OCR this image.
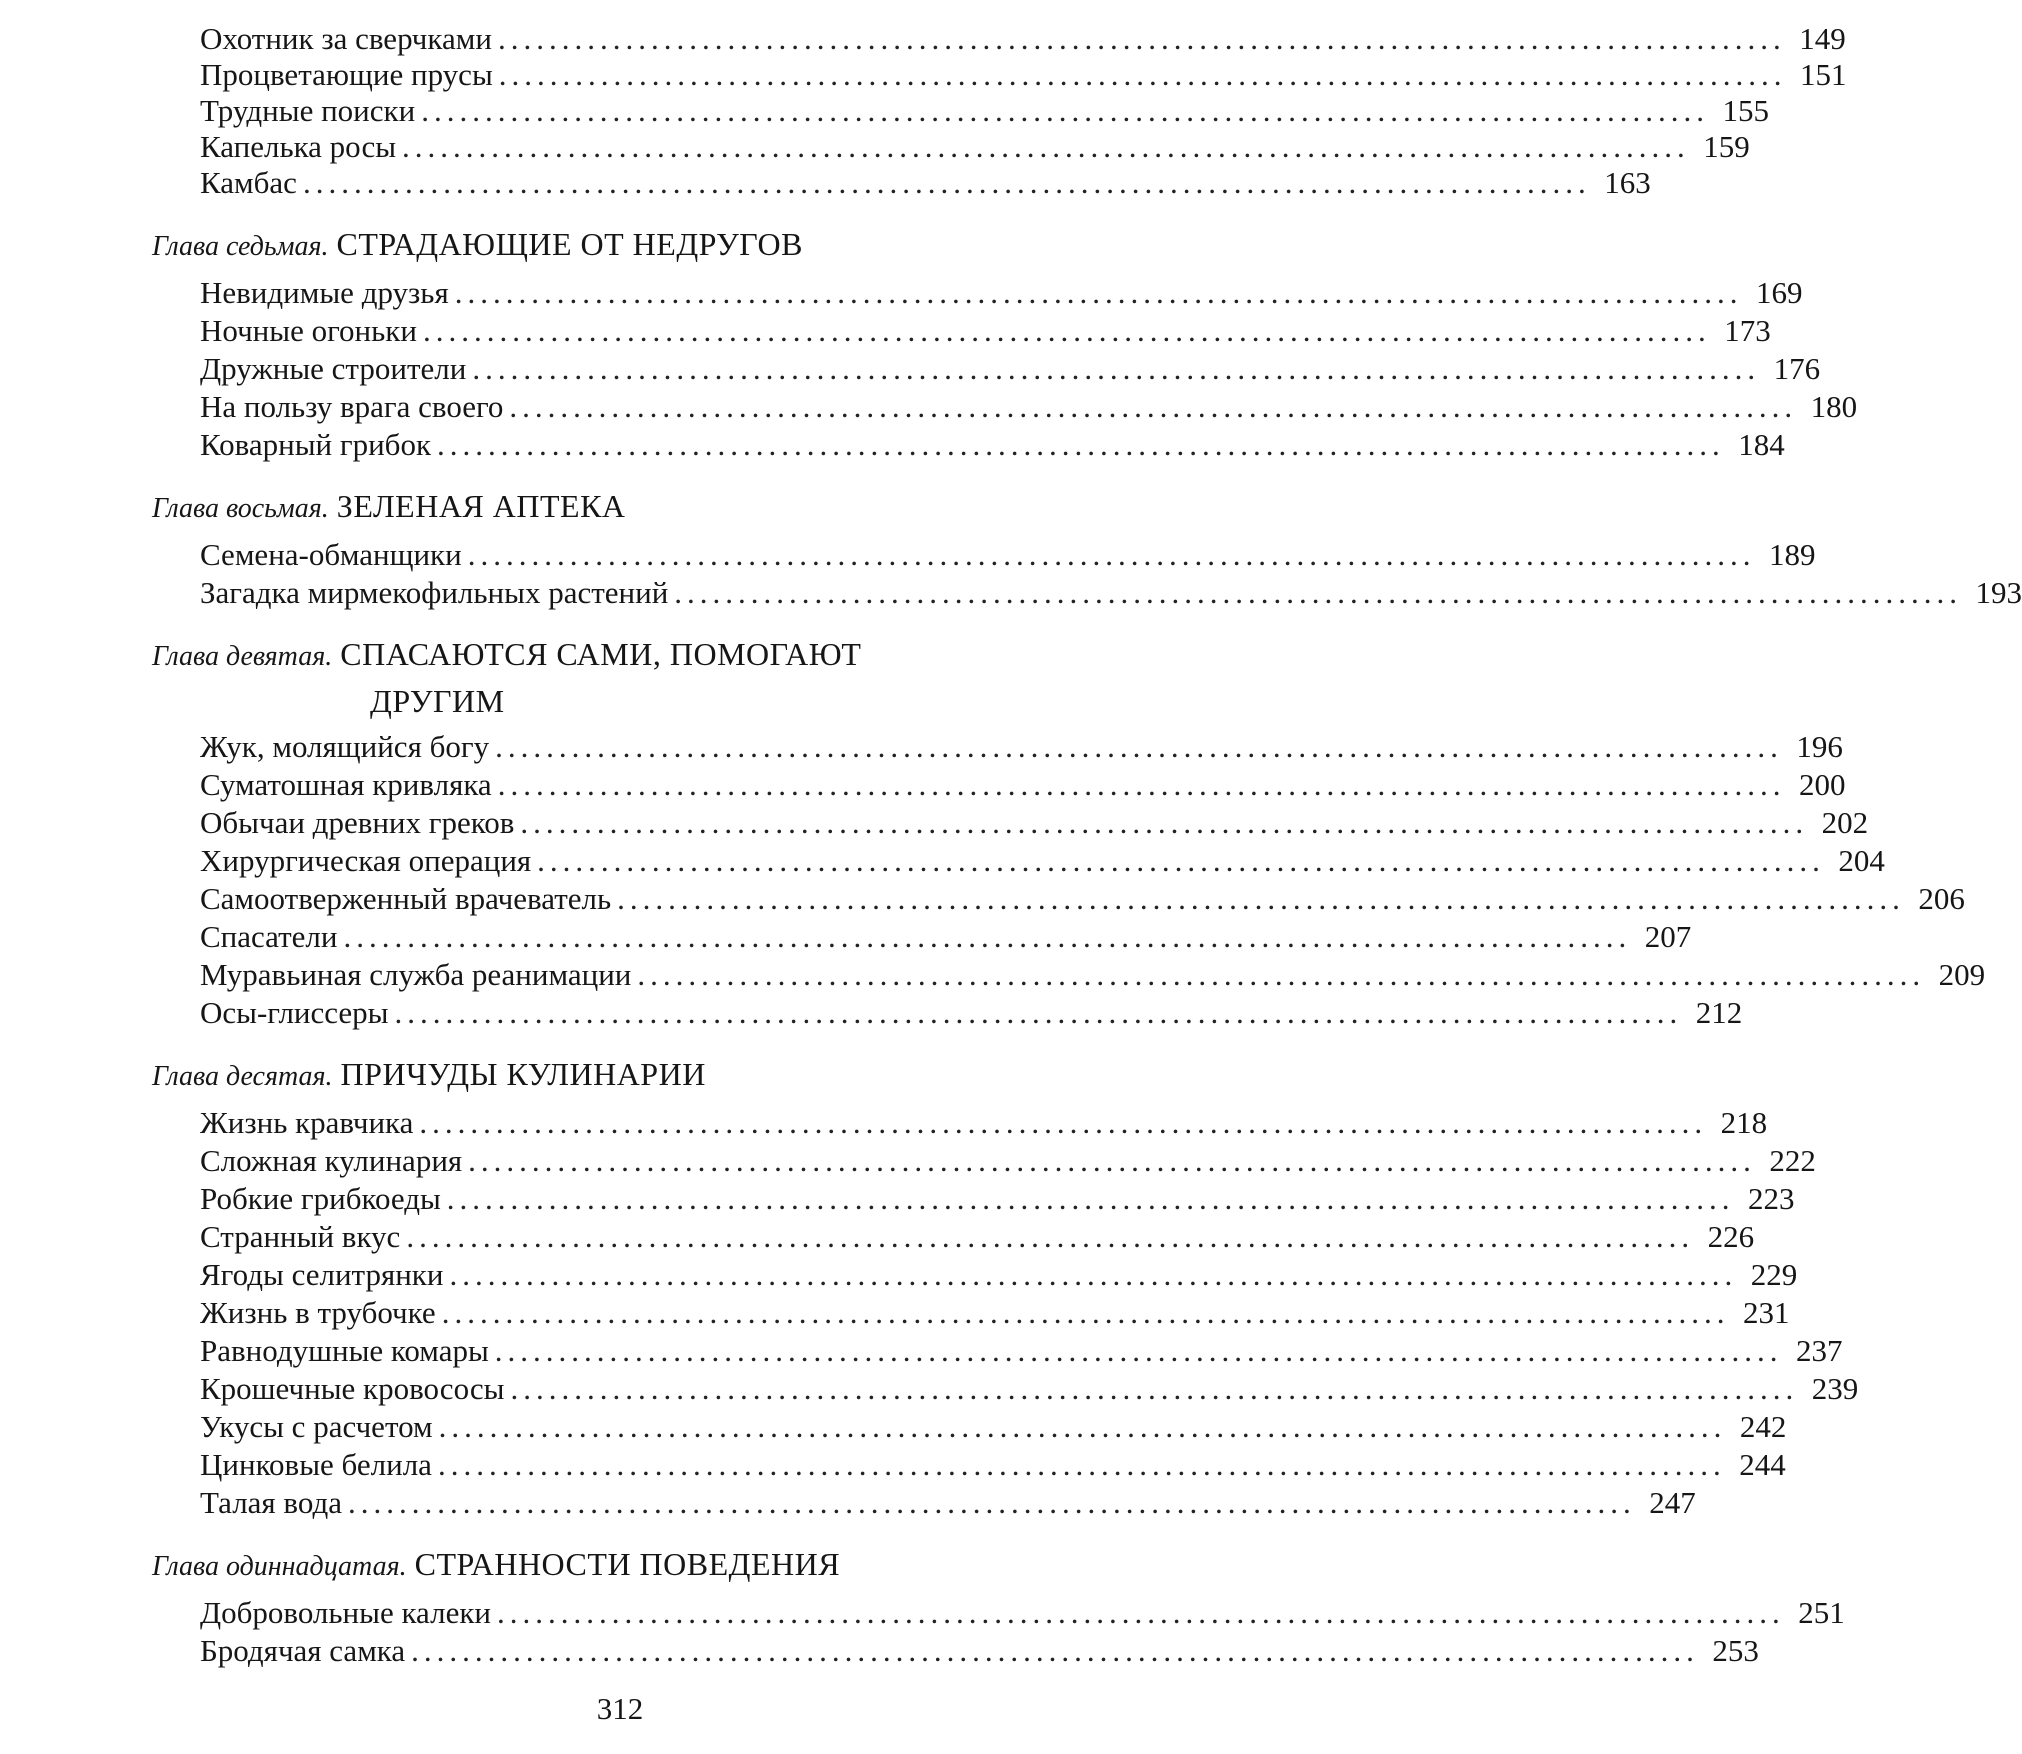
Охотник за сверчками ..................................................................................................... 149
Процветающие прусы ..................................................................................................... 151
Трудные поиски ..................................................................................................... 155
Капелька росы ..................................................................................................... 159
Камбас ..................................................................................................... 163
Глава седьмая. СТРАДАЮЩИЕ ОТ НЕДРУГОВ
Невидимые друзья ..................................................................................................... 169
Ночные огоньки ..................................................................................................... 173
Дружные строители ..................................................................................................... 176
На пользу врага своего ..................................................................................................... 180
Коварный грибок ..................................................................................................... 184
Глава восьмая. ЗЕЛЕНАЯ АПТЕКА
Семена-обманщики ..................................................................................................... 189
Загадка мирмекофильных растений ..................................................................................................... 193
Глава девятая. СПАСАЮТСЯ САМИ, ПОМОГАЮТ
ДРУГИМ
Жук, молящийся богу ..................................................................................................... 196
Суматошная кривляка ..................................................................................................... 200
Обычаи древних греков ..................................................................................................... 202
Хирургическая операция ..................................................................................................... 204
Самоотверженный врачеватель ..................................................................................................... 206
Спасатели ..................................................................................................... 207
Муравьиная служба реанимации ..................................................................................................... 209
Осы-глиссеры ..................................................................................................... 212
Глава десятая. ПРИЧУДЫ КУЛИНАРИИ
Жизнь кравчика ..................................................................................................... 218
Сложная кулинария ..................................................................................................... 222
Робкие грибкоеды ..................................................................................................... 223
Странный вкус ..................................................................................................... 226
Ягоды селитрянки ..................................................................................................... 229
Жизнь в трубочке ..................................................................................................... 231
Равнодушные комары ..................................................................................................... 237
Крошечные кровососы ..................................................................................................... 239
Укусы с расчетом ..................................................................................................... 242
Цинковые белила ..................................................................................................... 244
Талая вода ..................................................................................................... 247
Глава одиннадцатая. СТРАННОСТИ ПОВЕДЕНИЯ
Добровольные калеки ..................................................................................................... 251
Бродячая самка ..................................................................................................... 253
312
